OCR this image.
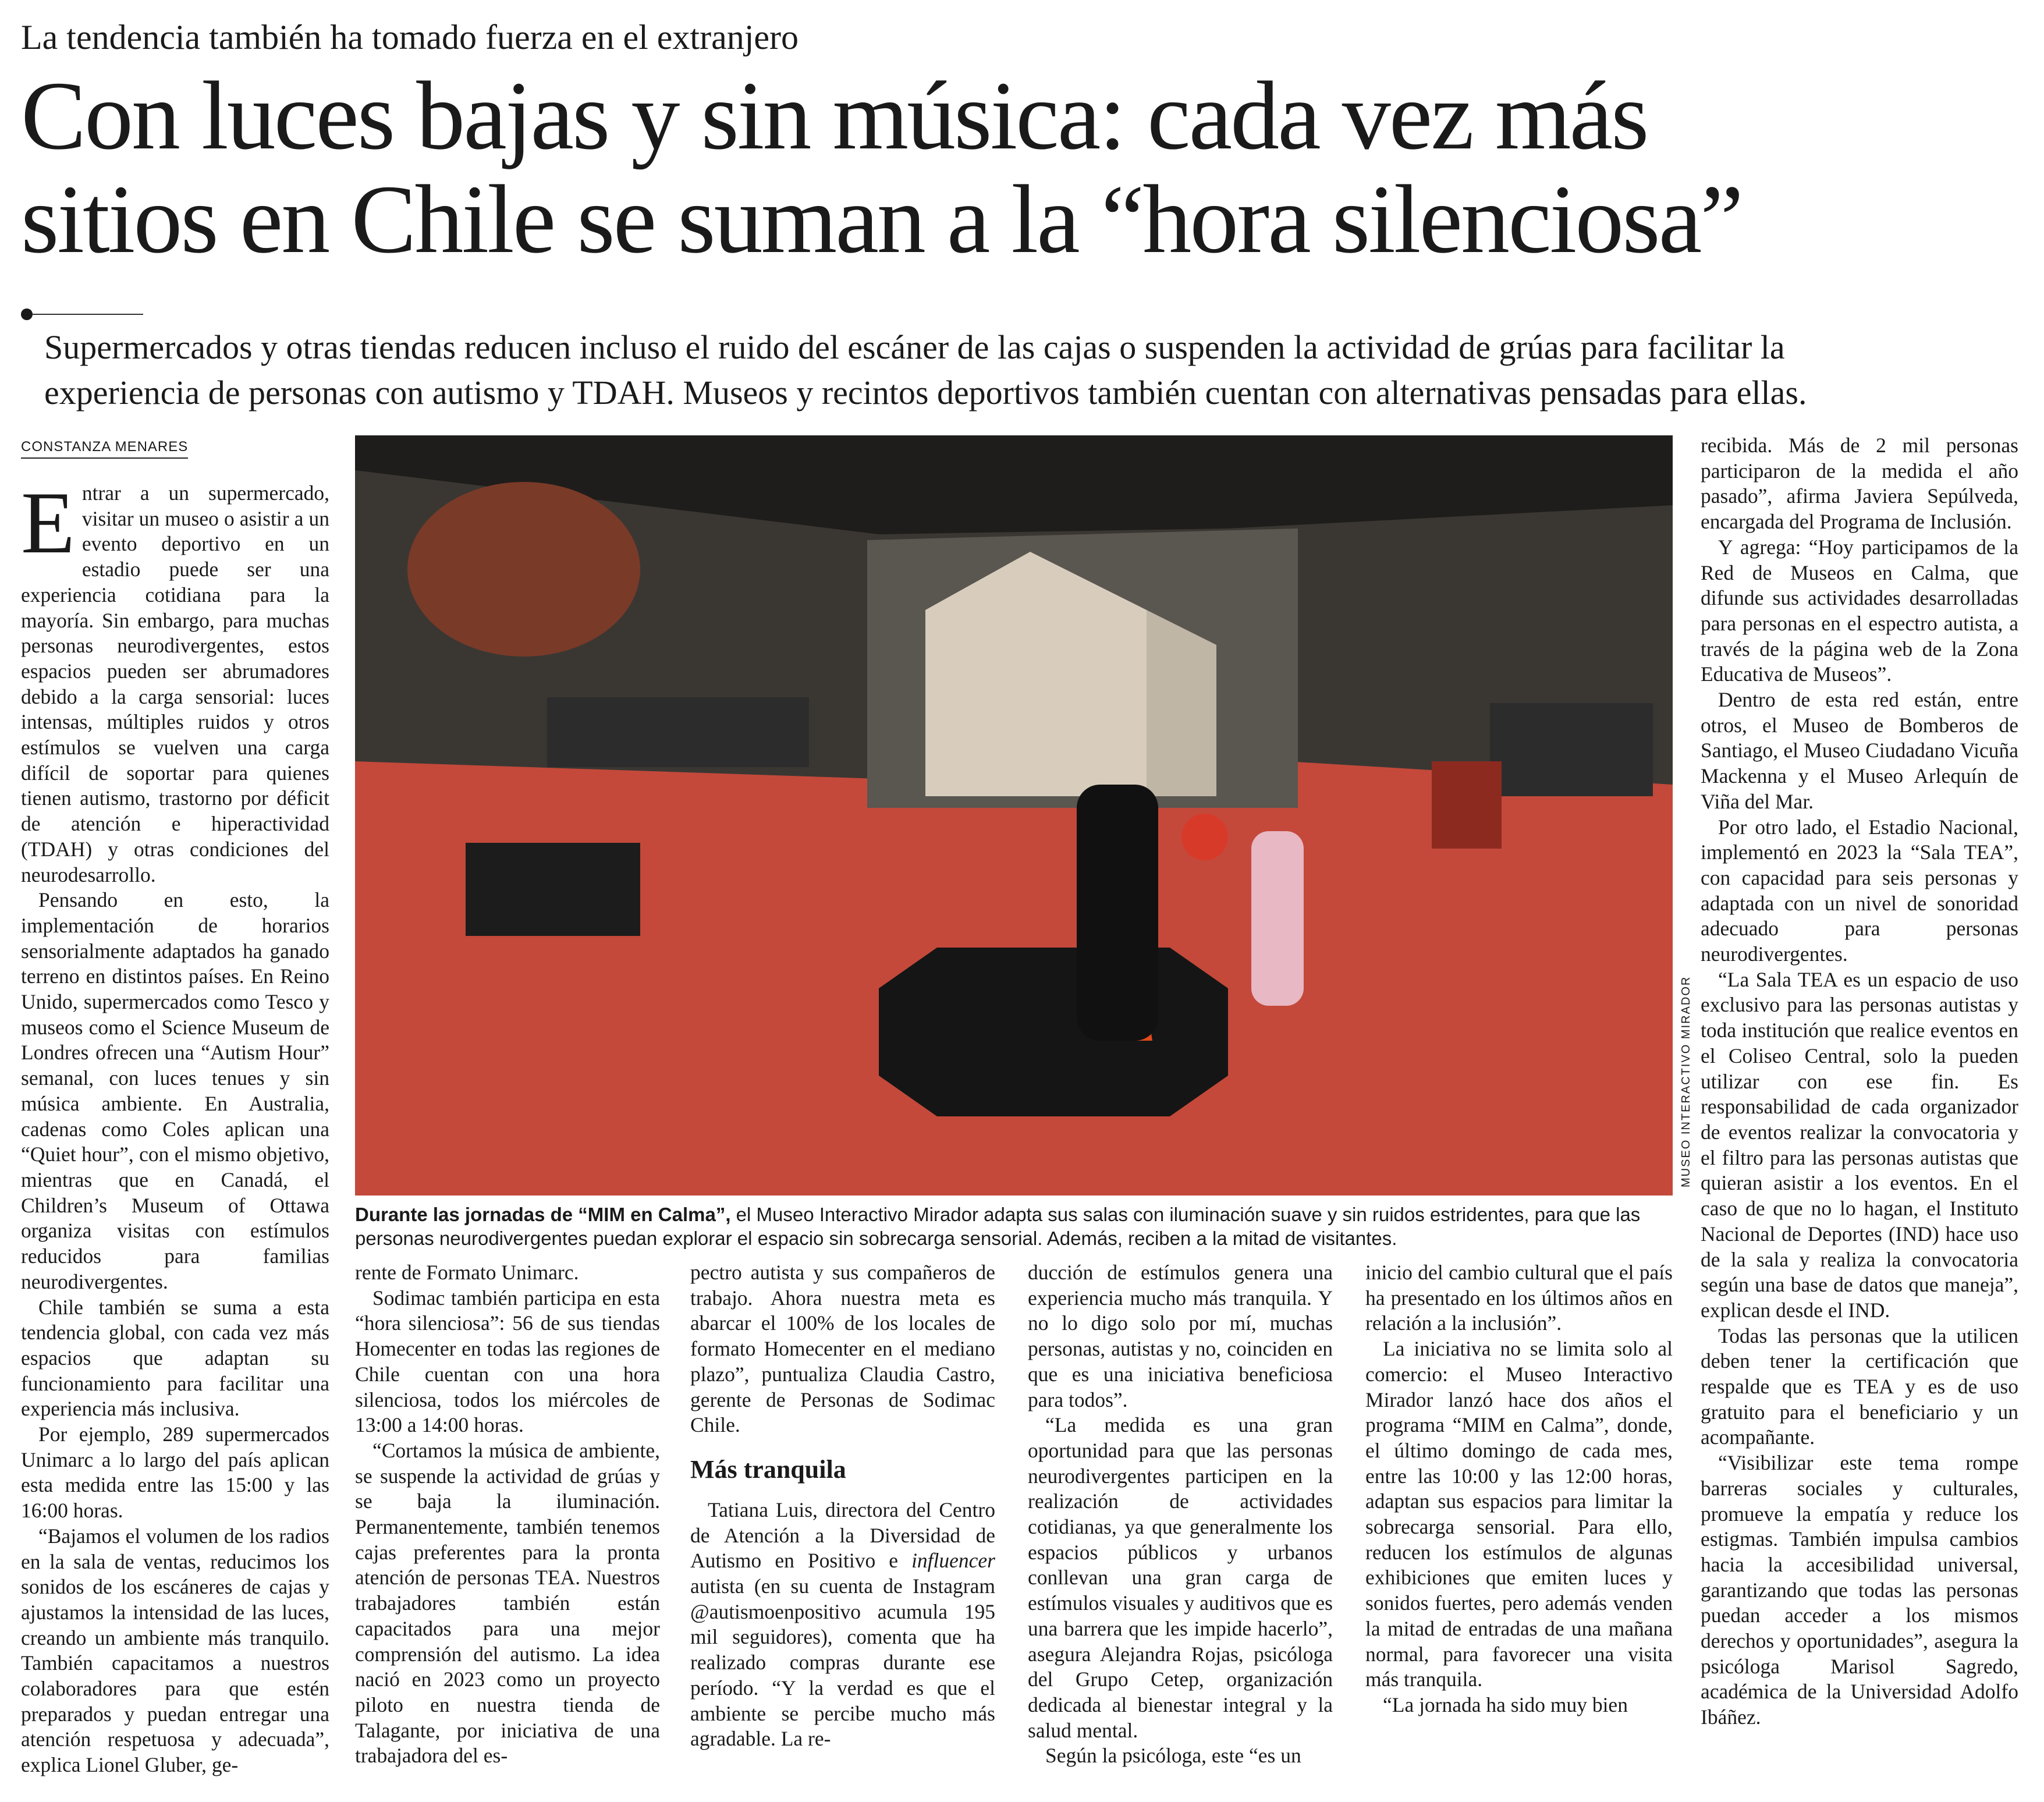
La tendencia también ha tomado fuerza en el extranjero
Con luces bajas y sin música: cada vez más
sitios en Chile se suman a la “hora silenciosa”
Supermercados y otras tiendas reducen incluso el ruido del escáner de las cajas o suspenden la actividad de grúas para facilitar la
experiencia de personas con autismo y TDAH. Museos y recintos deportivos también cuentan con alternativas pensadas para ellas.
CONSTANZA MENARES

Entrar a un supermercado, visitar un museo o asistir a un evento deportivo en un estadio puede ser una experiencia cotidiana para la mayoría. Sin embargo, para muchas personas neurodivergentes, estos espacios pueden ser abrumadores debido a la carga sensorial: luces intensas, múltiples ruidos y otros estímulos se vuelven una carga difícil de soportar para quienes tienen autismo, trastorno por déficit de atención e hiperactividad (TDAH) y otras condiciones del neurodesarrollo.

Pensando en esto, la implementación de horarios sensorialmente adaptados ha ganado terreno en distintos países. En Reino Unido, supermercados como Tesco y museos como el Science Museum de Londres ofrecen una “Autism Hour” semanal, con luces tenues y sin música ambiente. En Australia, cadenas como Coles aplican una “Quiet hour”, con el mismo objetivo, mientras que en Canadá, el Children’s Museum of Ottawa organiza visitas con estímulos reducidos para familias neurodivergentes.

Chile también se suma a esta tendencia global, con cada vez más espacios que adaptan su funcionamiento para facilitar una experiencia más inclusiva.

Por ejemplo, 289 supermercados Unimarc a lo largo del país aplican esta medida entre las 15:00 y las 16:00 horas.

“Bajamos el volumen de los radios en la sala de ventas, reducimos los sonidos de los escáneres de cajas y ajustamos la intensidad de las luces, creando un ambiente más tranquilo. También capacitamos a nuestros colaboradores para que estén preparados y puedan entregar una atención respetuosa y adecuada”, explica Lionel Gluber, ge-

MUSEO INTERACTIVO MIRADOR
Durante las jornadas de “MIM en Calma”, el Museo Interactivo Mirador adapta sus salas con iluminación suave y sin ruidos estridentes, para que las
personas neurodivergentes puedan explorar el espacio sin sobrecarga sensorial. Además, reciben a la mitad de visitantes.

rente de Formato Unimarc.

Sodimac también participa en esta “hora silenciosa”: 56 de sus tiendas Homecenter en todas las regiones de Chile cuentan con una hora silenciosa, todos los miércoles de 13:00 a 14:00 horas.

“Cortamos la música de ambiente, se suspende la actividad de grúas y se baja la iluminación. Permanentemente, también tenemos cajas preferentes para la pronta atención de personas TEA. Nuestros trabajadores también están capacitados para una mejor comprensión del autismo. La idea nació en 2023 como un proyecto piloto en nuestra tienda de Talagante, por iniciativa de una trabajadora del es-

pectro autista y sus compañeros de trabajo. Ahora nuestra meta es abarcar el 100% de los locales de formato Homecenter en el mediano plazo”, puntualiza Claudia Castro, gerente de Personas de Sodimac Chile.

Más tranquila

Tatiana Luis, directora del Centro de Atención a la Diversidad de Autismo en Positivo e influencer autista (en su cuenta de Instagram @autismoenpositivo acumula 195 mil seguidores), comenta que ha realizado compras durante ese período. “Y la verdad es que el ambiente se percibe mucho más agradable. La re-

ducción de estímulos genera una experiencia mucho más tranquila. Y no lo digo solo por mí, muchas personas, autistas y no, coinciden en que es una iniciativa beneficiosa para todos”.

“La medida es una gran oportunidad para que las personas neurodivergentes participen en la realización de actividades cotidianas, ya que generalmente los espacios públicos y urbanos conllevan una gran carga de estímulos visuales y auditivos que es una barrera que les impide hacerlo”, asegura Alejandra Rojas, psicóloga del Grupo Cetep, organización dedicada al bienestar integral y la salud mental.

Según la psicóloga, este “es un

inicio del cambio cultural que el país ha presentado en los últimos años en relación a la inclusión”.

La iniciativa no se limita solo al comercio: el Museo Interactivo Mirador lanzó hace dos años el programa “MIM en Calma”, donde, el último domingo de cada mes, entre las 10:00 y las 12:00 horas, adaptan sus espacios para limitar la sobrecarga sensorial. Para ello, reducen los estímulos de algunas exhibiciones que emiten luces y sonidos fuertes, pero además venden la mitad de entradas de una mañana normal, para favorecer una visita más tranquila.

“La jornada ha sido muy bien

recibida. Más de 2 mil personas participaron de la medida el año pasado”, afirma Javiera Sepúlveda, encargada del Programa de Inclusión.

Y agrega: “Hoy participamos de la Red de Museos en Calma, que difunde sus actividades desarrolladas para personas en el espectro autista, a través de la página web de la Zona Educativa de Museos”.

Dentro de esta red están, entre otros, el Museo de Bomberos de Santiago, el Museo Ciudadano Vicuña Mackenna y el Museo Arlequín de Viña del Mar.

Por otro lado, el Estadio Nacional, implementó en 2023 la “Sala TEA”, con capacidad para seis personas y adaptada con un nivel de sonoridad adecuado para personas neurodivergentes.

“La Sala TEA es un espacio de uso exclusivo para las personas autistas y toda institución que realice eventos en el Coliseo Central, solo la pueden utilizar con ese fin. Es responsabilidad de cada organizador de eventos realizar la convocatoria y el filtro para las personas autistas que quieran asistir a los eventos. En el caso de que no lo hagan, el Instituto Nacional de Deportes (IND) hace uso de la sala y realiza la convocatoria según una base de datos que maneja”, explican desde el IND.

Todas las personas que la utilicen deben tener la certificación que respalde que es TEA y es de uso gratuito para el beneficiario y un acompañante.

“Visibilizar este tema rompe barreras sociales y culturales, promueve la empatía y reduce los estigmas. También impulsa cambios hacia la accesibilidad universal, garantizando que todas las personas puedan acceder a los mismos derechos y oportunidades”, asegura la psicóloga Marisol Sagredo, académica de la Universidad Adolfo Ibáñez.
